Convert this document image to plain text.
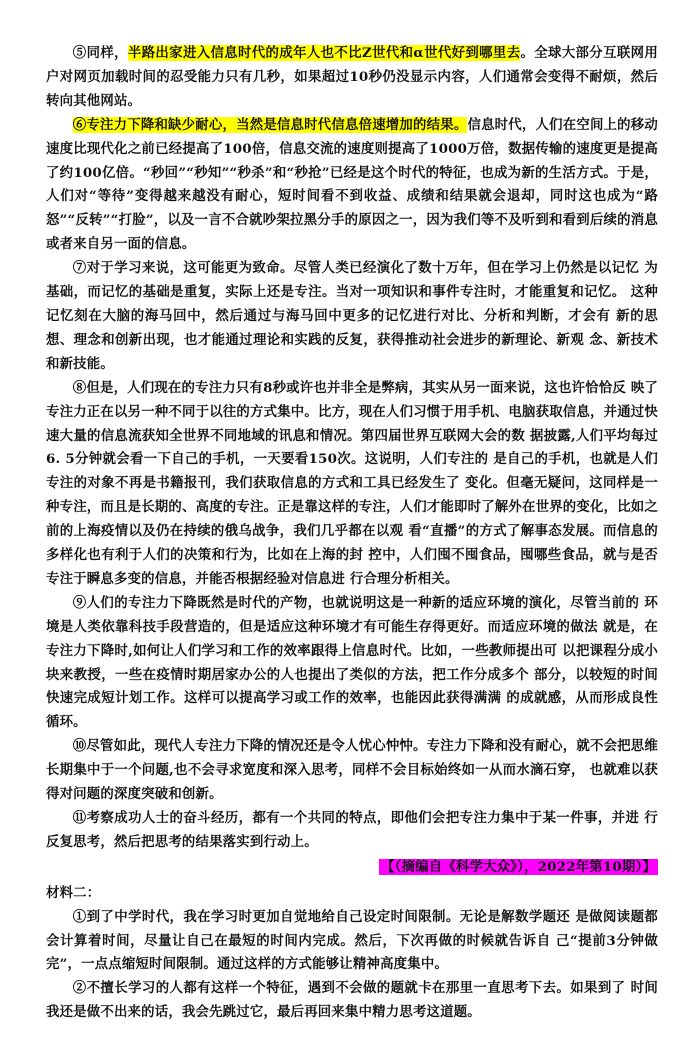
⑤同样，半路出家进入信息时代的成年人也不比Z世代和α世代好到哪里去。全球大部分互联网用户对网页加载时间的忍受能力只有几秒，如果超过10秒仍没显示内容，人们通常会变得不耐烦，然后转向其他网站。

⑥专注力下降和缺少耐心，当然是信息时代信息倍速增加的结果。信息时代，人们在空间上的移动速度比现代化之前已经提高了100倍，信息交流的速度则提高了1000万倍，数据传输的速度更是提高了约100亿倍。“秒回”“秒知”“秒杀”和“秒抢”已经是这个时代的特征，也成为新的生活方式。于是，人们对“等待”变得越来越没有耐心，短时间看不到收益、成绩和结果就会退却，同时这也成为“路怒”“反转”“打脸”，以及一言不合就吵架拉黑分手的原因之一，因为我们等不及听到和看到后续的消息或者来自另一面的信息。

⑦对于学习来说，这可能更为致命。尽管人类已经演化了数十万年，但在学习上仍然是以记忆 为基础，而记忆的基础是重复，实际上还是专注。当对一项知识和事件专注时，才能重复和记忆。 这种记忆刻在大脑的海马回中，然后通过与海马回中更多的记忆进行对比、分析和判断，才会有 新的思想、理念和创新出现，也才能通过理论和实践的反复，获得推动社会进步的新理论、新观 念、新技术和新技能。

⑧但是，人们现在的专注力只有8秒或许也并非全是弊病，其实从另一面来说，这也许恰恰反 映了专注力正在以另一种不同于以往的方式集中。比方，现在人们习惯于用手机、电脑获取信息，并通过快速大量的信息流获知全世界不同地域的讯息和情况。第四届世界互联网大会的数 据披露,人们平均每过6. 5分钟就会看一下自己的手机，一天要看150次。这说明，人们专注的 是自己的手机，也就是人们专注的对象不再是书籍报刊，我们获取信息的方式和工具已经发生了 变化。但毫无疑问，这同样是一种专注，而且是长期的、高度的专注。正是靠这样的专注，人们才能即时了解外在世界的变化，比如之前的上海疫情以及仍在持续的俄乌战争，我们几乎都在以观 看“直播”的方式了解事态发展。而信息的多样化也有利于人们的决策和行为，比如在上海的封 控中，人们囤不囤食品，囤哪些食品，就与是否专注于瞬息多变的信息，并能否根据经验对信息进 行合理分析相关。

⑨人们的专注力下降既然是时代的产物，也就说明这是一种新的适应环境的演化，尽管当前的 环境是人类依靠科技手段营造的，但是适应这种环境才有可能生存得更好。而适应环境的做法 就是，在专注力下降时,如何让人们学习和工作的效率跟得上信息时代。比如，一些教师提出可 以把课程分成小块来教授，一些在疫情时期居家办公的人也提出了类似的方法，把工作分成多个 部分，以较短的时间快速完成短计划工作。这样可以提高学习或工作的效率，也能因此获得满满 的成就感，从而形成良性循环。

⑩尽管如此，现代人专注力下降的情况还是令人忧心忡忡。专注力下降和没有耐心，就不会把思维长期集中于一个问题,也不会寻求宽度和深入思考，同样不会目标始终如一从而水滴石穿， 也就难以获得对问题的深度突破和创新。

⑪考察成功人士的奋斗经历，都有一个共同的特点，即他们会把专注力集中于某一件事，并进 行反复思考，然后把思考的结果落实到行动上。

【（摘编自《科学大众》），2022年第10期）】

材料二：

①到了中学时代，我在学习时更加自觉地给自己设定时间限制。无论是解数学题还 是做阅读题都会计算着时间，尽量让自己在最短的时间内完成。然后，下次再做的时候就告诉自 己“提前3分钟做完”，一点点缩短时间限制。通过这样的方式能够让精神高度集中。

②不擅长学习的人都有这样一个特征，遇到不会做的题就卡在那里一直思考下去。如果到了 时间我还是做不出来的话，我会先跳过它，最后再回来集中精力思考这道题。
